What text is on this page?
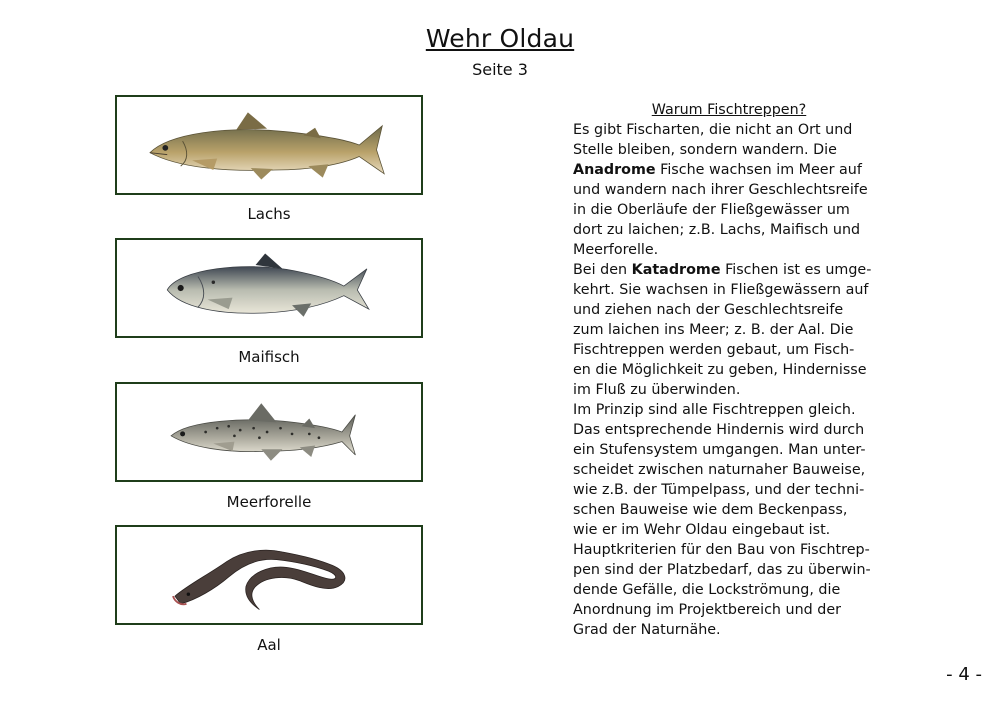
Wehr Oldau
Seite 3
Lachs
Maifisch
Meerforelle
Aal
Warum Fischtreppen?
Es gibt Fischarten, die nicht an Ort und
Stelle bleiben, sondern wandern. Die
Anadrome Fische wachsen im Meer auf
und wandern nach ihrer Geschlechtsreife
in die Oberläufe der Fließgewässer um
dort zu laichen; z.B. Lachs, Maifisch und
Meerforelle.
Bei den Katadrome Fischen ist es umge-
kehrt. Sie wachsen in Fließgewässern auf
und ziehen nach der Geschlechtsreife
zum laichen ins Meer; z. B. der Aal. Die
Fischtreppen werden gebaut, um Fisch-
en die Möglichkeit zu geben, Hindernisse
im Fluß zu überwinden.
Im Prinzip sind alle Fischtreppen gleich.
Das entsprechende Hindernis wird durch
ein Stufensystem umgangen. Man unter-
scheidet zwischen naturnaher Bauweise,
wie z.B. der Tümpelpass, und der techni-
schen Bauweise wie dem Beckenpass,
wie er im Wehr Oldau eingebaut ist.
Hauptkriterien für den Bau von Fischtrep-
pen sind der Platzbedarf, das zu überwin-
dende Gefälle, die Lockströmung, die
Anordnung im Projektbereich und der
Grad der Naturnähe.
- 4 -
